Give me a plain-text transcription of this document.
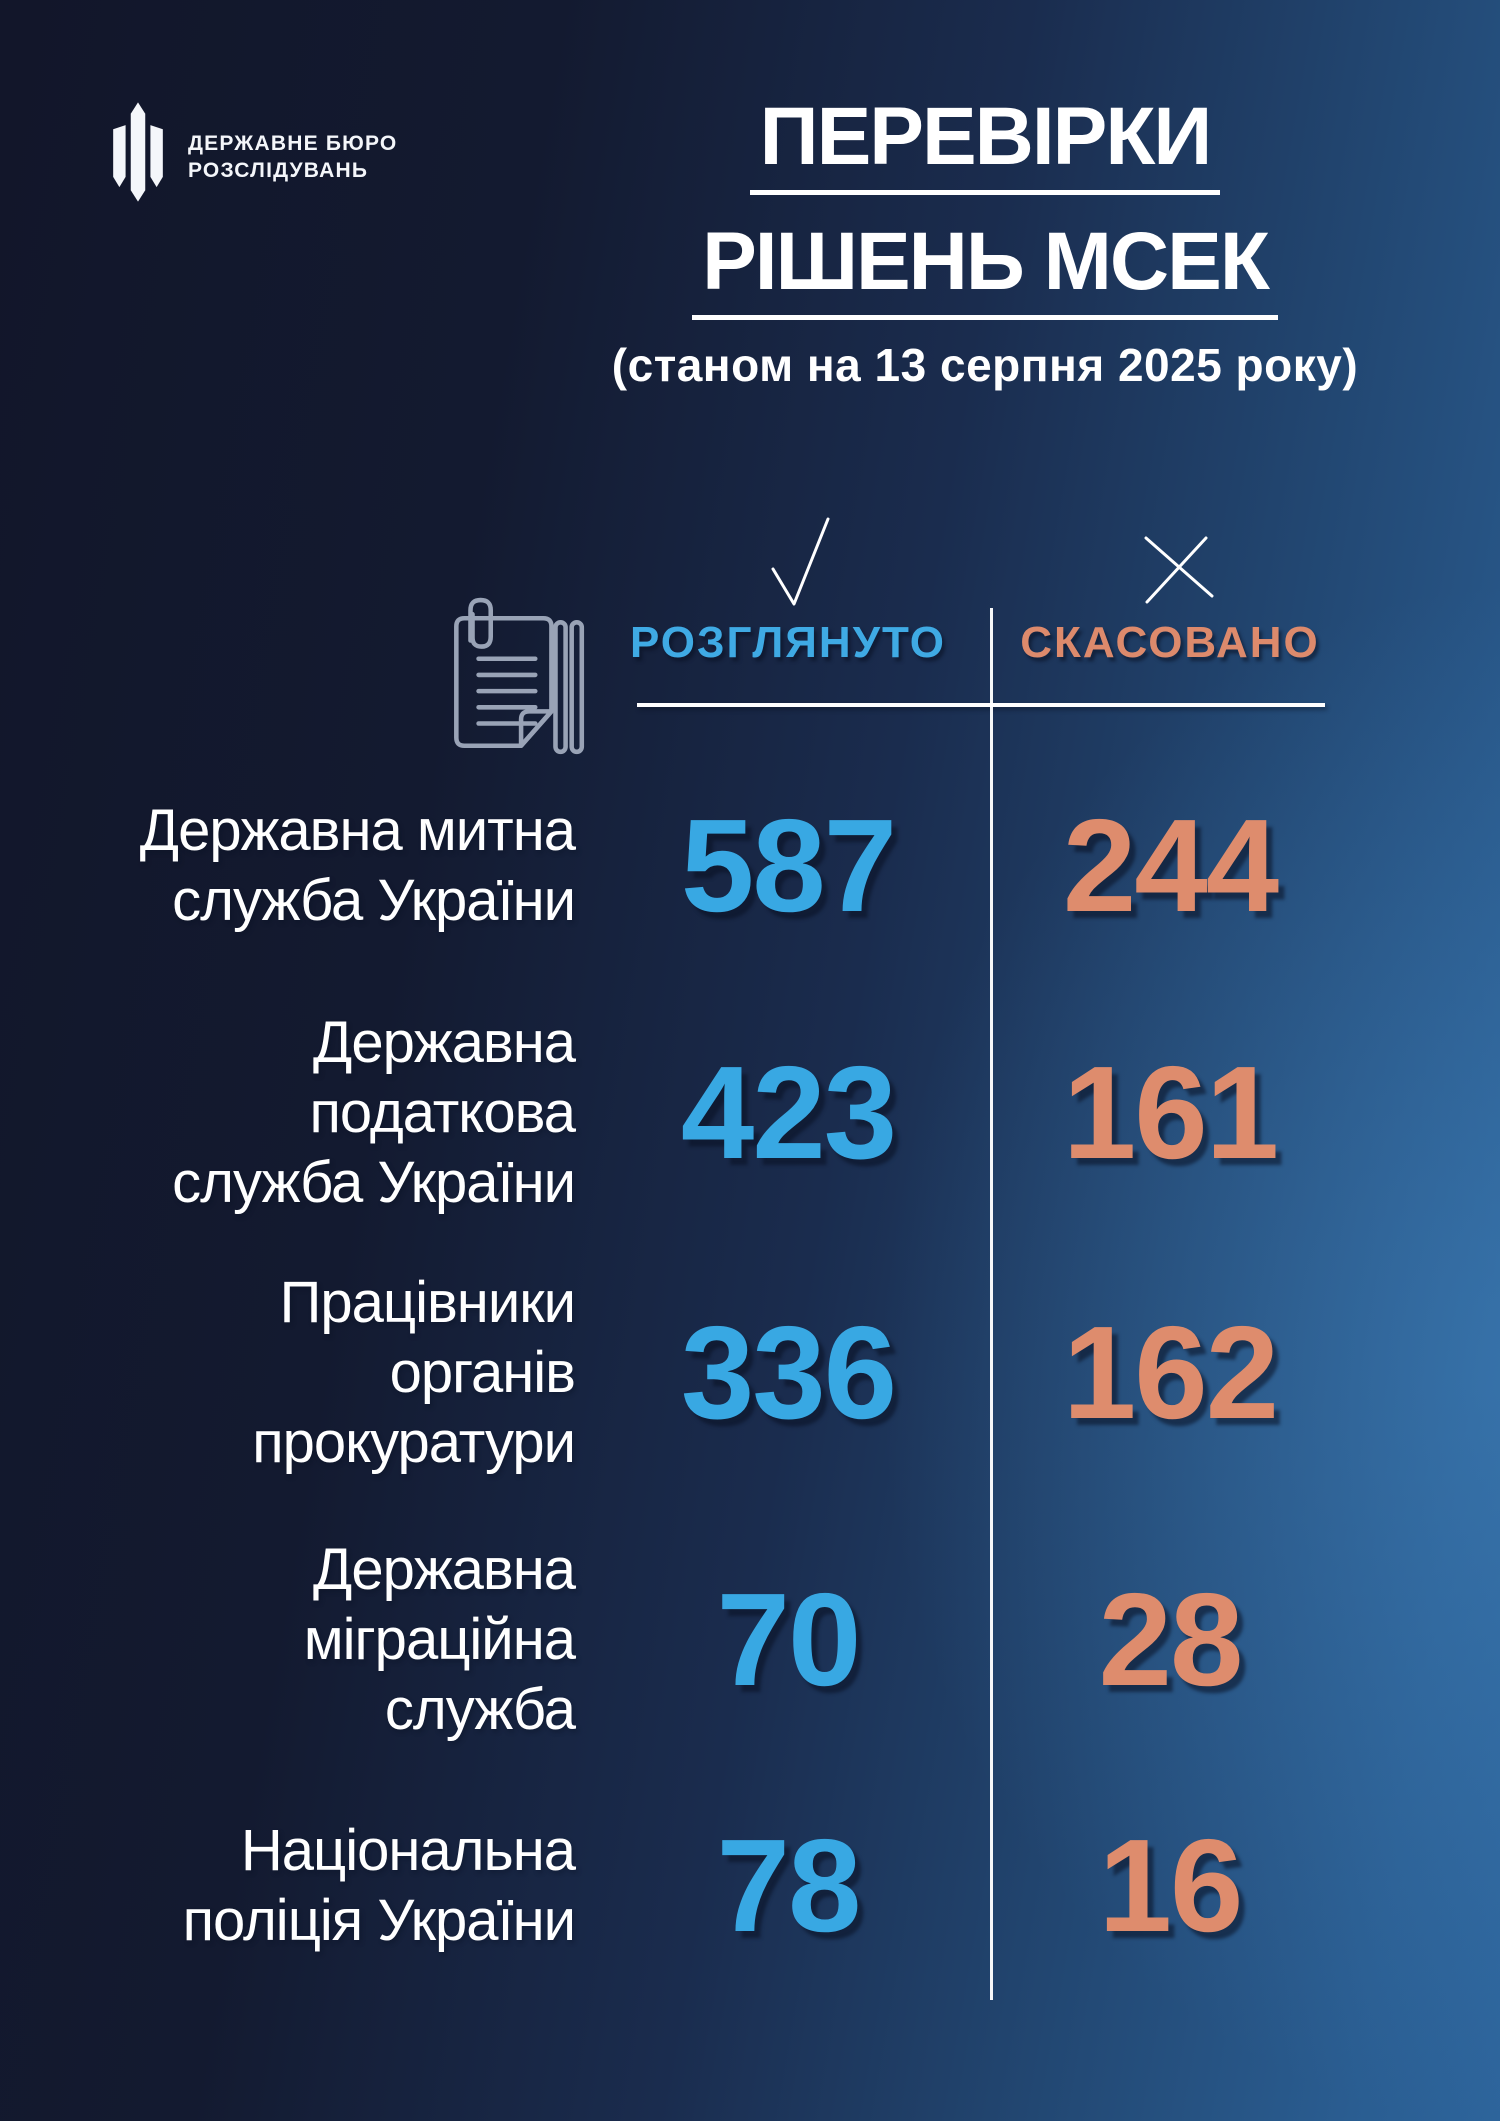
ДЕРЖАВНЕ БЮРО
РОЗСЛІДУВАНЬ	ПЕРЕВІРКИ
РІШЕНЬ МСЕК
(станом на 13 серпня 2025 року)
РОЗГЛЯНУТО	СКАСОВАНО
Державна митна
служба України 587	244
Державна
податкова
служба України 423	161
Працівники
органів
прокуратури 336	162
Державна
міграційна
служба	70	28
Національна
поліція України	78	16
